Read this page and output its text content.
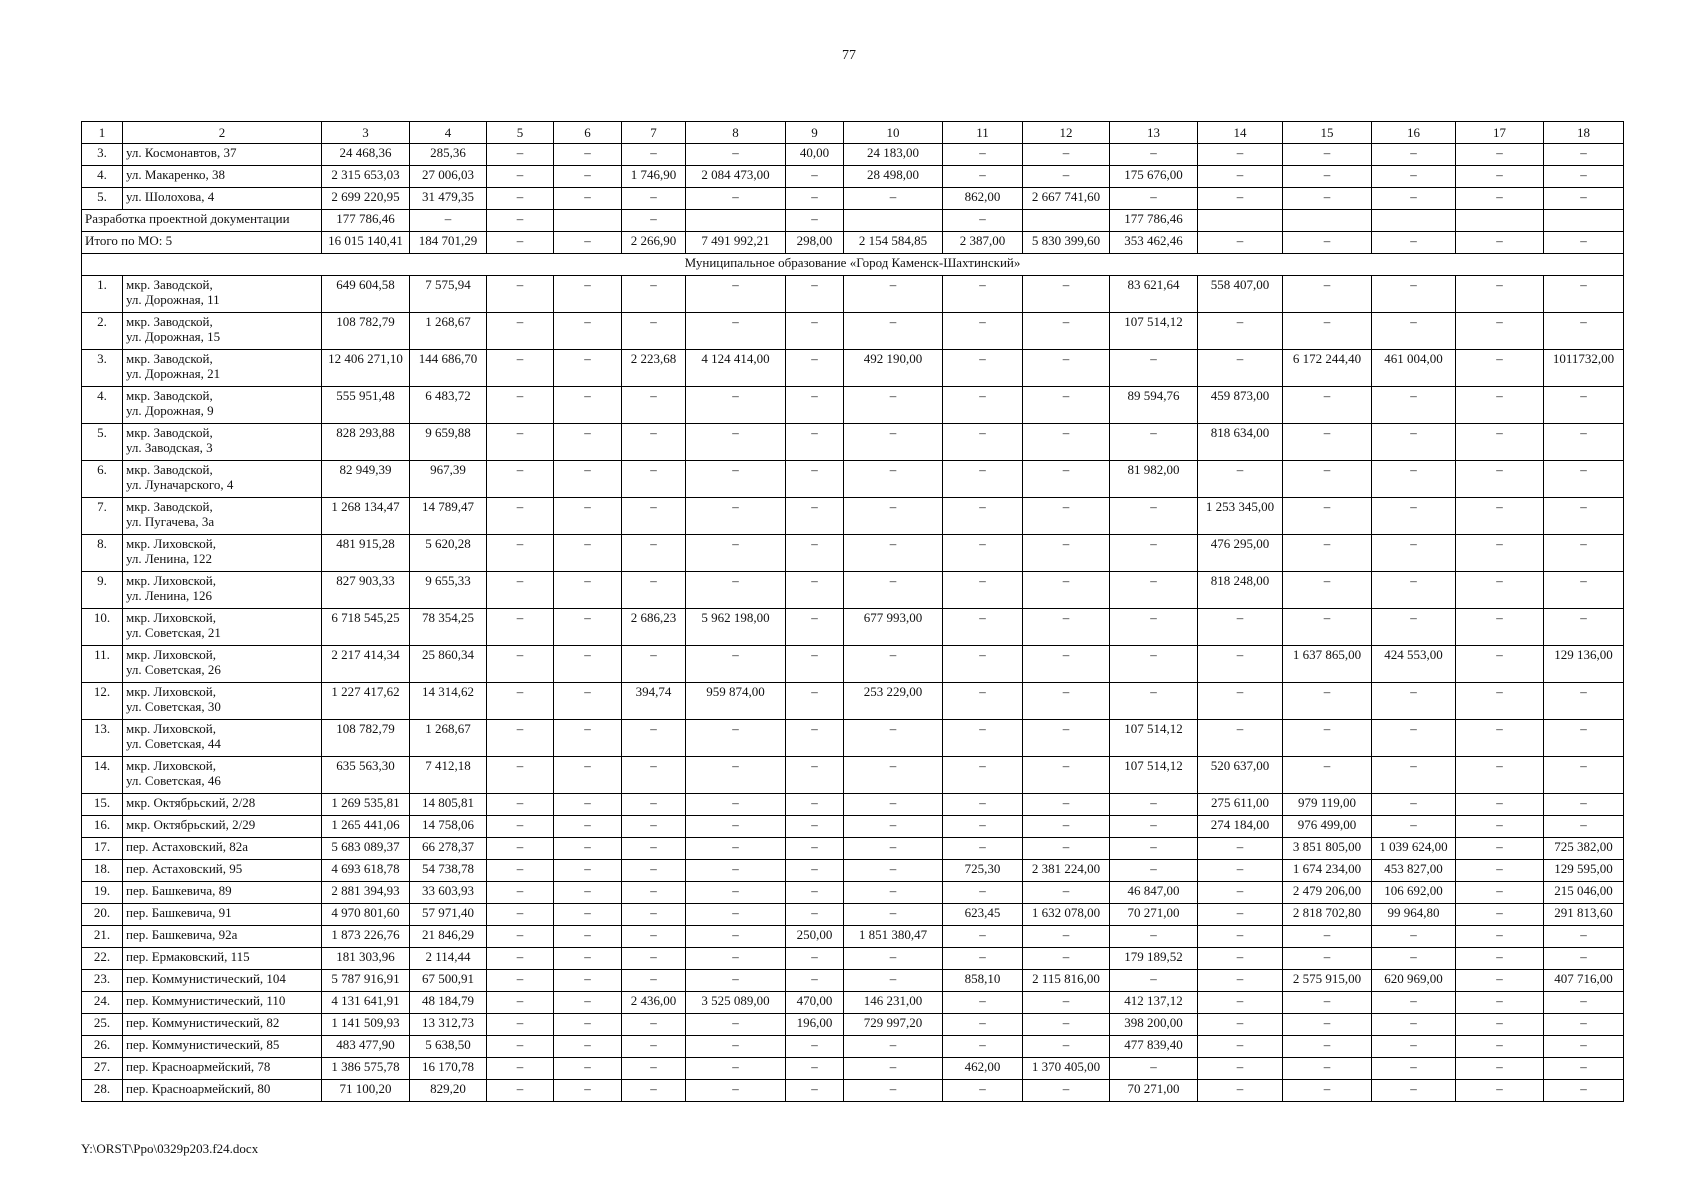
77
1	2	3	4	5	6	7	8	9	10	11	12	13	14	15	16	17	18
3.	ул. Космонавтов, 37	24 468,36	285,36	–	–	–	–	40,00	24 183,00	–	–	–	–	–	–	–	–
4.	ул. Макаренко, 38	2 315 653,03	27 006,03	–	–	1 746,90	2 084 473,00	–	28 498,00	–	–	175 676,00	–	–	–	–	–
5.	ул. Шолохова, 4	2 699 220,95	31 479,35	–	–	–	–	–	–	862,00	2 667 741,60	–	–	–	–	–	–
Разработка проектной документации		177 786,46	–	–		–		–		–		177 786,46					
Итого по МО: 5		16 015 140,41	184 701,29	–	–	2 266,90	7 491 992,21	298,00	2 154 584,85	2 387,00	5 830 399,60	353 462,46	–	–	–	–	–
Муниципальное образование «Город Каменск-Шахтинский»																	
1.	мкр. Заводской,
ул. Дорожная, 11	649 604,58	7 575,94	–	–	–	–	–	–	–	–	83 621,64	558 407,00	–	–	–	–
2.	мкр. Заводской,
ул. Дорожная, 15	108 782,79	1 268,67	–	–	–	–	–	–	–	–	107 514,12	–	–	–	–	–
3.	мкр. Заводской,
ул. Дорожная, 21	12 406 271,10	144 686,70	–	–	2 223,68	4 124 414,00	–	492 190,00	–	–	–	–	6 172 244,40	461 004,00	–	1011732,00
4.	мкр. Заводской,
ул. Дорожная, 9	555 951,48	6 483,72	–	–	–	–	–	–	–	–	89 594,76	459 873,00	–	–	–	–
5.	мкр. Заводской,
ул. Заводская, 3	828 293,88	9 659,88	–	–	–	–	–	–	–	–	–	818 634,00	–	–	–	–
6.	мкр. Заводской,
ул. Луначарского, 4	82 949,39	967,39	–	–	–	–	–	–	–	–	81 982,00	–	–	–	–	–
7.	мкр. Заводской,
ул. Пугачева, 3а	1 268 134,47	14 789,47	–	–	–	–	–	–	–	–	–	1 253 345,00	–	–	–	–
8.	мкр. Лиховской,
ул. Ленина, 122	481 915,28	5 620,28	–	–	–	–	–	–	–	–	–	476 295,00	–	–	–	–
9.	мкр. Лиховской,
ул. Ленина, 126	827 903,33	9 655,33	–	–	–	–	–	–	–	–	–	818 248,00	–	–	–	–
10.	мкр. Лиховской,
ул. Советская, 21	6 718 545,25	78 354,25	–	–	2 686,23	5 962 198,00	–	677 993,00	–	–	–	–	–	–	–	–
11.	мкр. Лиховской,
ул. Советская, 26	2 217 414,34	25 860,34	–	–	–	–	–	–	–	–	–	–	1 637 865,00	424 553,00	–	129 136,00
12.	мкр. Лиховской,
ул. Советская, 30	1 227 417,62	14 314,62	–	–	394,74	959 874,00	–	253 229,00	–	–	–	–	–	–	–	–
13.	мкр. Лиховской,
ул. Советская, 44	108 782,79	1 268,67	–	–	–	–	–	–	–	–	107 514,12	–	–	–	–	–
14.	мкр. Лиховской,
ул. Советская, 46	635 563,30	7 412,18	–	–	–	–	–	–	–	–	107 514,12	520 637,00	–	–	–	–
15.	мкр. Октябрьский, 2/28	1 269 535,81	14 805,81	–	–	–	–	–	–	–	–	–	275 611,00	979 119,00	–	–	–
16.	мкр. Октябрьский, 2/29	1 265 441,06	14 758,06	–	–	–	–	–	–	–	–	–	274 184,00	976 499,00	–	–	–
17.	пер. Астаховский, 82а	5 683 089,37	66 278,37	–	–	–	–	–	–	–	–	–	–	3 851 805,00	1 039 624,00	–	725 382,00
18.	пер. Астаховский, 95	4 693 618,78	54 738,78	–	–	–	–	–	–	725,30	2 381 224,00	–	–	1 674 234,00	453 827,00	–	129 595,00
19.	пер. Башкевича, 89	2 881 394,93	33 603,93	–	–	–	–	–	–	–	–	46 847,00	–	2 479 206,00	106 692,00	–	215 046,00
20.	пер. Башкевича, 91	4 970 801,60	57 971,40	–	–	–	–	–	–	623,45	1 632 078,00	70 271,00	–	2 818 702,80	99 964,80	–	291 813,60
21.	пер. Башкевича, 92а	1 873 226,76	21 846,29	–	–	–	–	250,00	1 851 380,47	–	–	–	–	–	–	–	–
22.	пер. Ермаковский, 115	181 303,96	2 114,44	–	–	–	–	–	–	–	–	179 189,52	–	–	–	–	–
23.	пер. Коммунистический, 104	5 787 916,91	67 500,91	–	–	–	–	–	–	858,10	2 115 816,00	–	–	2 575 915,00	620 969,00	–	407 716,00
24.	пер. Коммунистический, 110	4 131 641,91	48 184,79	–	–	2 436,00	3 525 089,00	470,00	146 231,00	–	–	412 137,12	–	–	–	–	–
25.	пер. Коммунистический, 82	1 141 509,93	13 312,73	–	–	–	–	196,00	729 997,20	–	–	398 200,00	–	–	–	–	–
26.	пер. Коммунистический, 85	483 477,90	5 638,50	–	–	–	–	–	–	–	–	477 839,40	–	–	–	–	–
27.	пер. Красноармейский, 78	1 386 575,78	16 170,78	–	–	–	–	–	–	462,00	1 370 405,00	–	–	–	–	–	–
28.	пер. Красноармейский, 80	71 100,20	829,20	–	–	–	–	–	–	–	–	70 271,00	–	–	–	–	–
Y:\ORST\Ppo\0329p203.f24.docx
